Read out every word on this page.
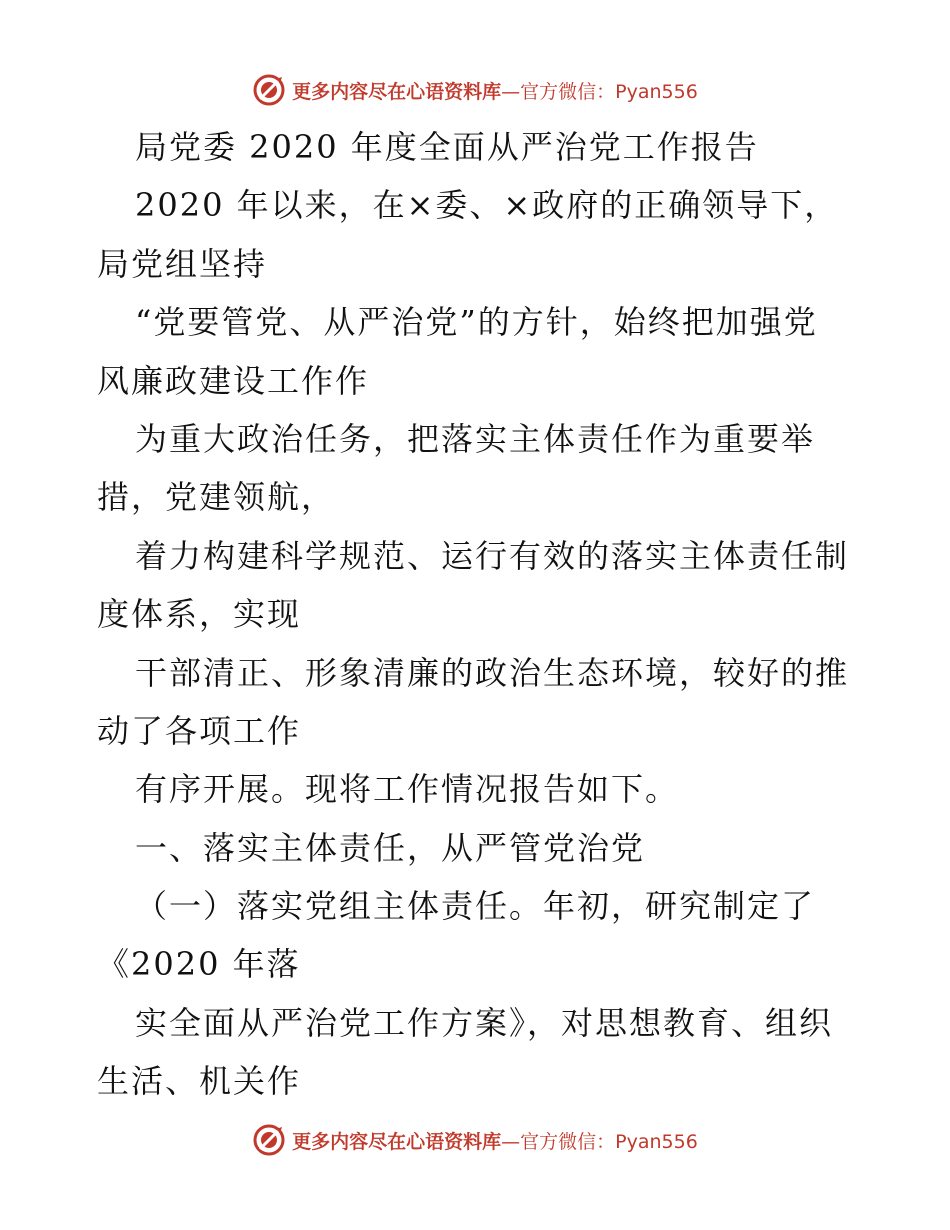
更多内容尽在心语资料库 —官方微信：Pyan556
局党委 2020 年度全面从严治党工作报告
2020 年以来，在×委、×政府的正确领导下，
局党组坚持
“党要管党、从严治党”的方针，始终把加强党
风廉政建设工作作
为重大政治任务，把落实主体责任作为重要举
措，党建领航，
着力构建科学规范、运行有效的落实主体责任制
度体系，实现
干部清正、形象清廉的政治生态环境，较好的推
动了各项工作
有序开展。现将工作情况报告如下。
一、落实主体责任，从严管党治党
（一）落实党组主体责任。年初，研究制定了
《2020 年落
实全面从严治党工作方案》，对思想教育、组织
生活、机关作
更多内容尽在心语资料库 —官方微信：Pyan556
